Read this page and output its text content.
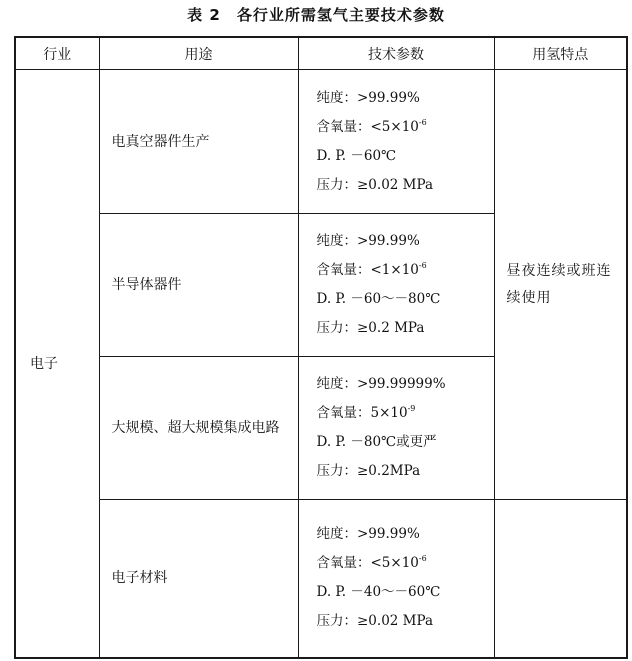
表 2 各行业所需氢气主要技术参数
行业	用途	技术参数	用氢特点
电子	电真空器件生产	纯度：>99.99%
含氧量：$<5\times 10^{-6}$
D. P. －60℃
压力：≥0.02 MPa	昼夜连续或班连续使用
	半导体器件	纯度：>99.99%
含氧量：$<1\times 10^{-6}$
D. P. －60～－80℃
压力：≥0.2 MPa	

	大规模、超大规模集成电路	纯度：>99.99999%
含氧量：$5\times 10^{-9}$
D. P. －80℃或更严
压力：≥0.2MPa	

	电子材料	纯度：>99.99%
含氧量：$<5\times 10^{-6}$
D. P. －40～－60℃
压力：≥0.02 MPa	
